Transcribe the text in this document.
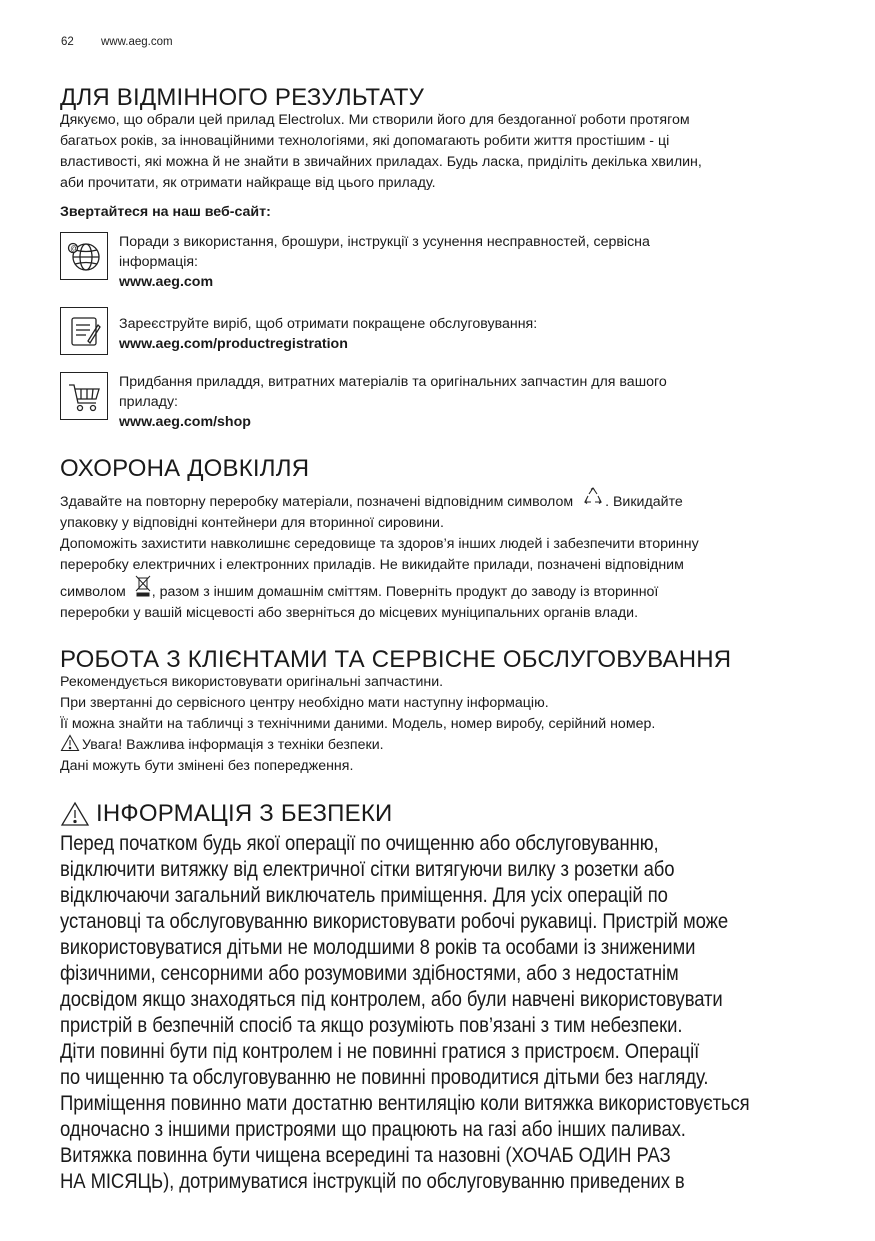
62 www.aeg.com
ДЛЯ ВІДМІННОГО РЕЗУЛЬТАТУ
Дякуємо, що обрали цей прилад Electrolux. Ми створили його для бездоганної роботи протягом
багатьох років, за інноваційними технологіями, які допомагають робити життя простішим - ці
властивості, які можна й не знайти в звичайних приладах. Будь ласка, приділіть декілька хвилин,
аби прочитати, як отримати найкраще від цього приладу.
Звертайтеся на наш веб-сайт:
@	Поради з використання, брошури, інструкції з усунення несправностей, сервісна
інформація:
www.aeg.com
Зареєструйте виріб, щоб отримати покращене обслуговування:
www.aeg.com/productregistration
Придбання приладдя, витратних матеріалів та оригінальних запчастин для вашого
приладу:
www.aeg.com/shop
ОХОРОНА ДОВКІЛЛЯ
Здавайте на повторну переробку матеріали, позначені відповідним символом . Викидайте
упаковку у відповідні контейнери для вторинної сировини.
Допоможіть захистити навколишнє середовище та здоров’я інших людей і забезпечити вторинну
переробку електричних і електронних приладів. Не викидайте прилади, позначені відповідним
символом , разом з іншим домашнім сміттям. Поверніть продукт до заводу із вторинної
переробки у вашій місцевості або зверніться до місцевих муніципальних органів влади.
РОБОТА З КЛІЄНТАМИ ТА СЕРВІСНЕ ОБСЛУГОВУВАННЯ
Рекомендується використовувати оригінальні запчастини.
При звертанні до сервісного центру необхідно мати наступну інформацію.
Її можна знайти на табличці з технічними даними. Модель, номер виробу, серійний номер.
Увага! Важлива інформація з техніки безпеки.
Дані можуть бути змінені без попередження.
ІНФОРМАЦІЯ З БЕЗПЕКИ
Перед початком будь якої операції по очищенню або обслуговуванню,
відключити витяжку від електричної сітки витягуючи вилку з розетки або
відключаючи загальний виключатель приміщення. Для усіх операцій по
установці та обслуговуванню використовувати робочі рукавиці. Пристрій може
використовуватися дітьми не молодшими 8 років та особами із зниженими
фізичними, сенсорними або розумовими здібностями, або з недостатнім
досвідом якщо знаходяться під контролем, або були навчені використовувати
пристрій в безпечній спосіб та якщо розуміють пов’язані з тим небезпеки.
Діти повинні бути під контролем і не повинні гратися з пристроєм. Операції
по чищенню та обслуговуванню не повинні проводитися дітьми без нагляду.
Приміщення повинно мати достатню вентиляцію коли витяжка використовується
одночасно з іншими пристроями що працюють на газі або інших паливах.
Витяжка повинна бути чищена всередині та назовні (ХОЧАБ ОДИН РАЗ
НА МІСЯЦЬ), дотримуватися інструкцій по обслуговуванню приведених в
